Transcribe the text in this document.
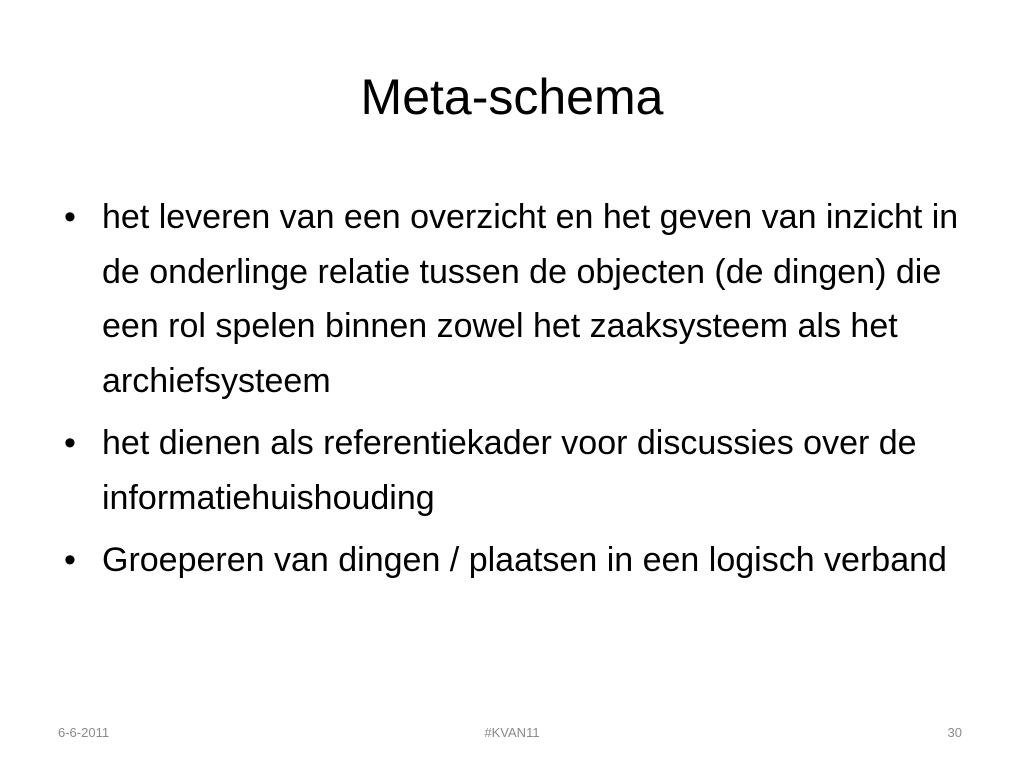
Meta-schema
• het leveren van een overzicht en het geven van inzicht in de onderlinge relatie tussen de objecten (de dingen) die een rol spelen binnen zowel het zaaksysteem als het archiefsysteem
• het dienen als referentiekader voor discussies over de informatiehuishouding
• Groeperen van dingen / plaatsen in een logisch verband
6-6-2011	#KVAN11	30
